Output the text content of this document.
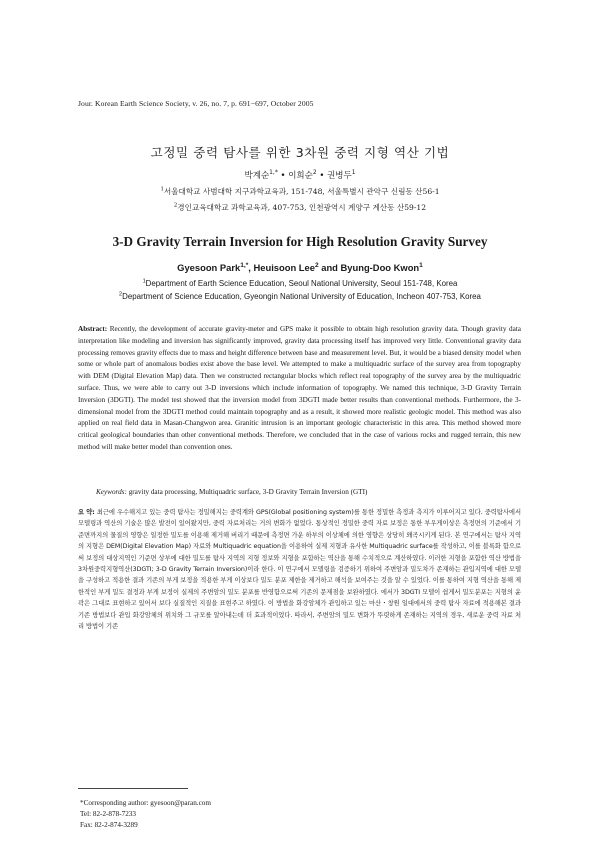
Jour. Korean Earth Science Society, v. 26, no. 7, p. 691−697, October 2005
고정밀 중력 탐사를 위한 3차원 중력 지형 역산 기법
박계순$^{1,*}$ • 이희순$^2$ • 권병두$^1$
$^1$서울대학교 사범대학 지구과학교육과, 151-748, 서울특별시 관악구 신림동 산56-1
$^2$경인교육대학교 과학교육과, 407-753, 인천광역시 계양구 계산동 산59-12
3-D Gravity Terrain Inversion for High Resolution Gravity Survey
Gyesoon Park$^{1,*}$, Heuisoon Lee$^2$ and Byung-Doo Kwon$^1$
$^1$Department of Earth Science Education, Seoul National University, Seoul 151-748, Korea
$^2$Department of Science Education, Gyeongin National University of Education, Incheon 407-753, Korea
Abstract: Recently, the development of accurate gravity-meter and GPS make it possible to obtain high resolution gravity data. Though gravity data interpretation like modeling and inversion has significantly improved, gravity data processing itself has improved very little. Conventional gravity data processing removes gravity effects due to mass and height difference between base and measurement level. But, it would be a biased density model when some or whole part of anomalous bodies exist above the base level. We attempted to make a multiquadric surface of the survey area from topography with DEM (Digital Elevation Map) data. Then we constructed rectangular blocks which reflect real topography of the survey area by the multiquadric surface. Thus, we were able to carry out 3-D inversions which include information of topography. We named this technique, 3-D Gravity Terrain Inversion (3DGTI). The model test showed that the inversion model from 3DGTI made better results than conventional methods. Furthermore, the 3-dimensional model from the 3DGTI method could maintain topography and as a result, it showed more realistic geologic model. This method was also applied on real field data in Masan-Changwon area. Granitic intrusion is an important geologic characteristic in this area. This method showed more critical geological boundaries than other conventional methods. Therefore, we concluded that in the case of various rocks and rugged terrain, this new method will make better model than convention ones.
Keywords: gravity data processing, Multiquadric surface, 3-D Gravity Terrain Inversion (GTI)
요 약: 최근에 우수해지고 있는 중력 탐사는 정밀해지는 중력계와 GPS(Global positioning system)를 통한 정밀한 측정과 측지가 이루어지고 있다. 중력탐사에서 모델링과 역산의 기술은 많은 발전이 있어왔지만, 중력 자료처리는 거의 변화가 없었다. 통상적인 정밀한 중력 자료 보정은 통한 부우게이상은 측정면의 기준에서 기준면까지의 물질의 영향은 일정한 밀도를 이용해 제거해 버리기 때문에 측정면 가운 하부의 이상체에 의한 영향은 상당히 왜곡시키게 된다. 본 연구에서는 탐사 지역의 지형은 DEM(Digital Elevation Map) 자료와 Multiquadric equation을 이용하여 실제 지형과 유사한 Multiquadric surface를 작성하고, 이를 블록화 함으로써 보정의 대상지역인 기준면 상부에 대한 밀도를 탐사 지역의 지형 정보와 지형을 포함하는 역산을 통해 수치적으로 계산하였다. 이러한 지형을 포함한 역산 방법을 3차원중력지형역산(3DGTI; 3-D Gravity Terrain Inversion)이라 한다. 이 연구에서 모델링을 검증하기 위하여 주변암과 밀도차가 존재하는 관입지역에 대한 모델을 구성하고 적용한 결과 기존의 부게 보정을 적용한 부게 이상보다 밀도 분포 제한을 제거하고 해석을 보여주는 것을 알 수 있었다. 이를 통하여 지형 역산을 통해 제한적인 부게 밀도 결정과 부게 보정이 실제의 주변암의 밀도 분포를 반영함으로써 기존의 문제점을 보완하였다. 에서가 3DGTI 모델이 쉽게서 밀도분포는 지형의 윤곽은 그대로 표현하고 있어서 보다 실질적인 지질을 표현주고 하였다. 이 방법을 화강암체가 관입하고 있는 마산・창원 일대에서의 중력 탐사 자료에 적용해본 결과 기존 방법보다 관입 화강암체의 위치와 그 규모를 알아내는데 더 효과적이었다. 따라서, 주변암의 밀도 변화가 뚜렷하게 존재하는 지역의 경우, 새로운 중력 자료 처리 방법이 기존
*Corresponding author: gyesoon@paran.com
Tel: 82-2-878-7233
Fax: 82-2-874-3289
